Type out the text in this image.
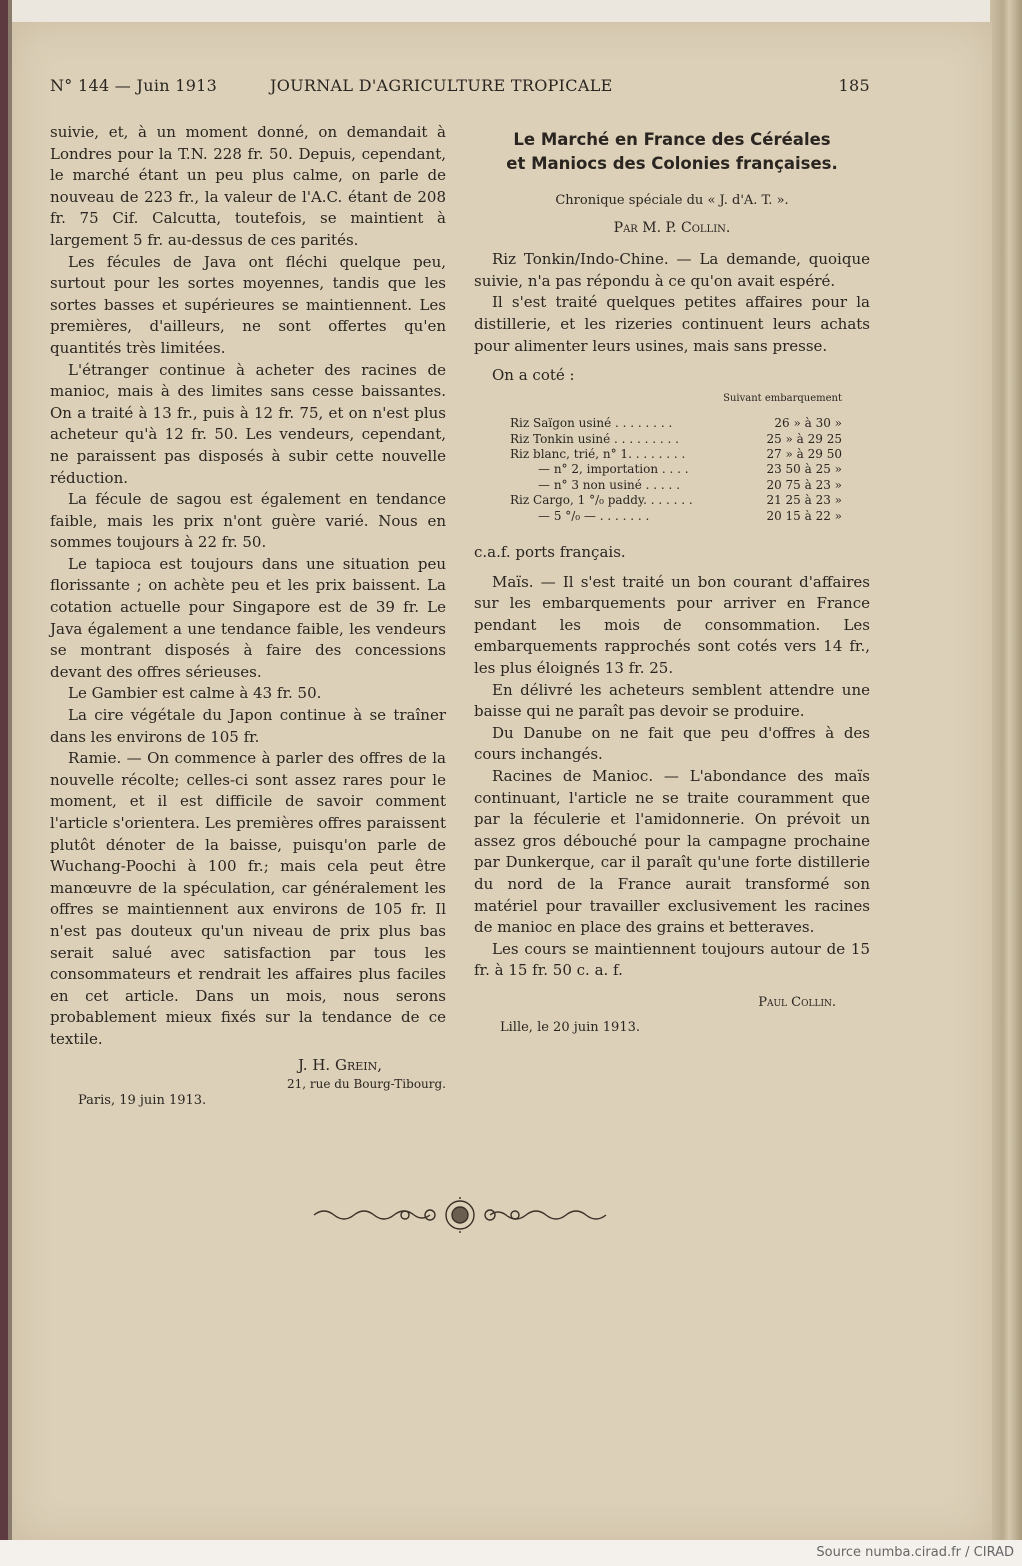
N° 144 — Juin 1913	JOURNAL D'AGRICULTURE TROPICALE	185

suivie, et, à un moment donné, on demandait à Londres pour la T.N. 228 fr. 50. Depuis, cependant, le marché étant un peu plus calme, on parle de nouveau de 223 fr., la valeur de l'A.C. étant de 208 fr. 75 Cif. Calcutta, toutefois, se maintient à largement 5 fr. au-dessus de ces parités.

Les fécules de Java ont fléchi quelque peu, surtout pour les sortes moyennes, tandis que les sortes basses et supérieures se maintiennent. Les premières, d'ailleurs, ne sont offertes qu'en quantités très limitées.

L'étranger continue à acheter des racines de manioc, mais à des limites sans cesse baissantes. On a traité à 13 fr., puis à 12 fr. 75, et on n'est plus acheteur qu'à 12 fr. 50. Les vendeurs, cependant, ne paraissent pas disposés à subir cette nouvelle réduction.

La fécule de sagou est également en tendance faible, mais les prix n'ont guère varié. Nous en sommes toujours à 22 fr. 50.

Le tapioca est toujours dans une situation peu florissante ; on achète peu et les prix baissent. La cotation actuelle pour Singapore est de 39 fr. Le Java également a une tendance faible, les vendeurs se montrant disposés à faire des concessions devant des offres sérieuses.

Le Gambier est calme à 43 fr. 50.

La cire végétale du Japon continue à se traîner dans les environs de 105 fr.

Ramie. — On commence à parler des offres de la nouvelle récolte; celles-ci sont assez rares pour le moment, et il est difficile de savoir comment l'article s'orientera. Les premières offres paraissent plutôt dénoter de la baisse, puisqu'on parle de Wuchang-Poochi à 100 fr.; mais cela peut être manœuvre de la spéculation, car généralement les offres se maintiennent aux environs de 105 fr. Il n'est pas douteux qu'un niveau de prix plus bas serait salué avec satisfaction par tous les consommateurs et rendrait les affaires plus faciles en cet article. Dans un mois, nous serons probablement mieux fixés sur la tendance de ce textile.

J. H. Grein,

21, rue du Bourg-Tibourg.

Paris, 19 juin 1913.

Le Marché en France des Céréales
et Maniocs des Colonies françaises.

Chronique spéciale du « J. d'A. T. ».

Par M. P. Collin.

Riz Tonkin/Indo-Chine. — La demande, quoique suivie, n'a pas répondu à ce qu'on avait espéré.

Il s'est traité quelques petites affaires pour la distillerie, et les rizeries continuent leurs achats pour alimenter leurs usines, mais sans presse.

On a coté :

Suivant embarquement
Riz Saïgon usiné . . . . . . . .	26 » à 30 »
Riz Tonkin usiné . . . . . . . . .	25 » à 29 25
Riz blanc, trié, n° 1. . . . . . . .	27 » à 29 50
— n° 2, importation . . . .	23 50 à 25 »
— n° 3 non usiné . . . . .	20 75 à 23 »
Riz Cargo, 1 °/₀ paddy. . . . . . .	21 25 à 23 »
— 5 °/₀ — . . . . . . .	20 15 à 22 »

c.a.f. ports français.

Maïs. — Il s'est traité un bon courant d'affaires sur les embarquements pour arriver en France pendant les mois de consommation. Les embarquements rapprochés sont cotés vers 14 fr., les plus éloignés 13 fr. 25.

En délivré les acheteurs semblent attendre une baisse qui ne paraît pas devoir se produire.

Du Danube on ne fait que peu d'offres à des cours inchangés.

Racines de Manioc. — L'abondance des maïs continuant, l'article ne se traite couramment que par la féculerie et l'amidonnerie. On prévoit un assez gros débouché pour la campagne prochaine par Dunkerque, car il paraît qu'une forte distillerie du nord de la France aurait transformé son matériel pour travailler exclusivement les racines de manioc en place des grains et betteraves.

Les cours se maintiennent toujours autour de 15 fr. à 15 fr. 50 c. a. f.

Paul Collin.

Lille, le 20 juin 1913.

Source numba.cirad.fr / CIRAD
